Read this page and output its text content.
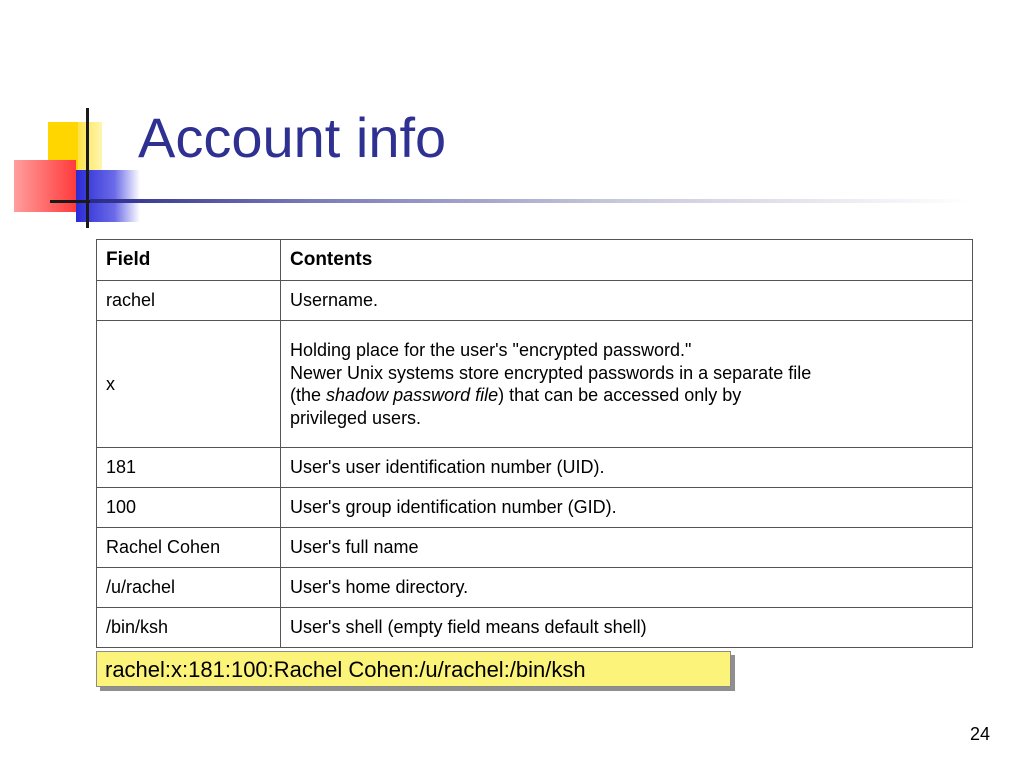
Account info
Field	Contents
rachel	Username.
x	Holding place for the user's "encrypted password."
Newer Unix systems store encrypted passwords in a separate file
(the shadow password file) that can be accessed only by
privileged users.
181	User's user identification number (UID).
100	User's group identification number (GID).
Rachel Cohen	User's full name
/u/rachel	User's home directory.
/bin/ksh	User's shell (empty field means default shell)
rachel:x:181:100:Rachel Cohen:/u/rachel:/bin/ksh
24
